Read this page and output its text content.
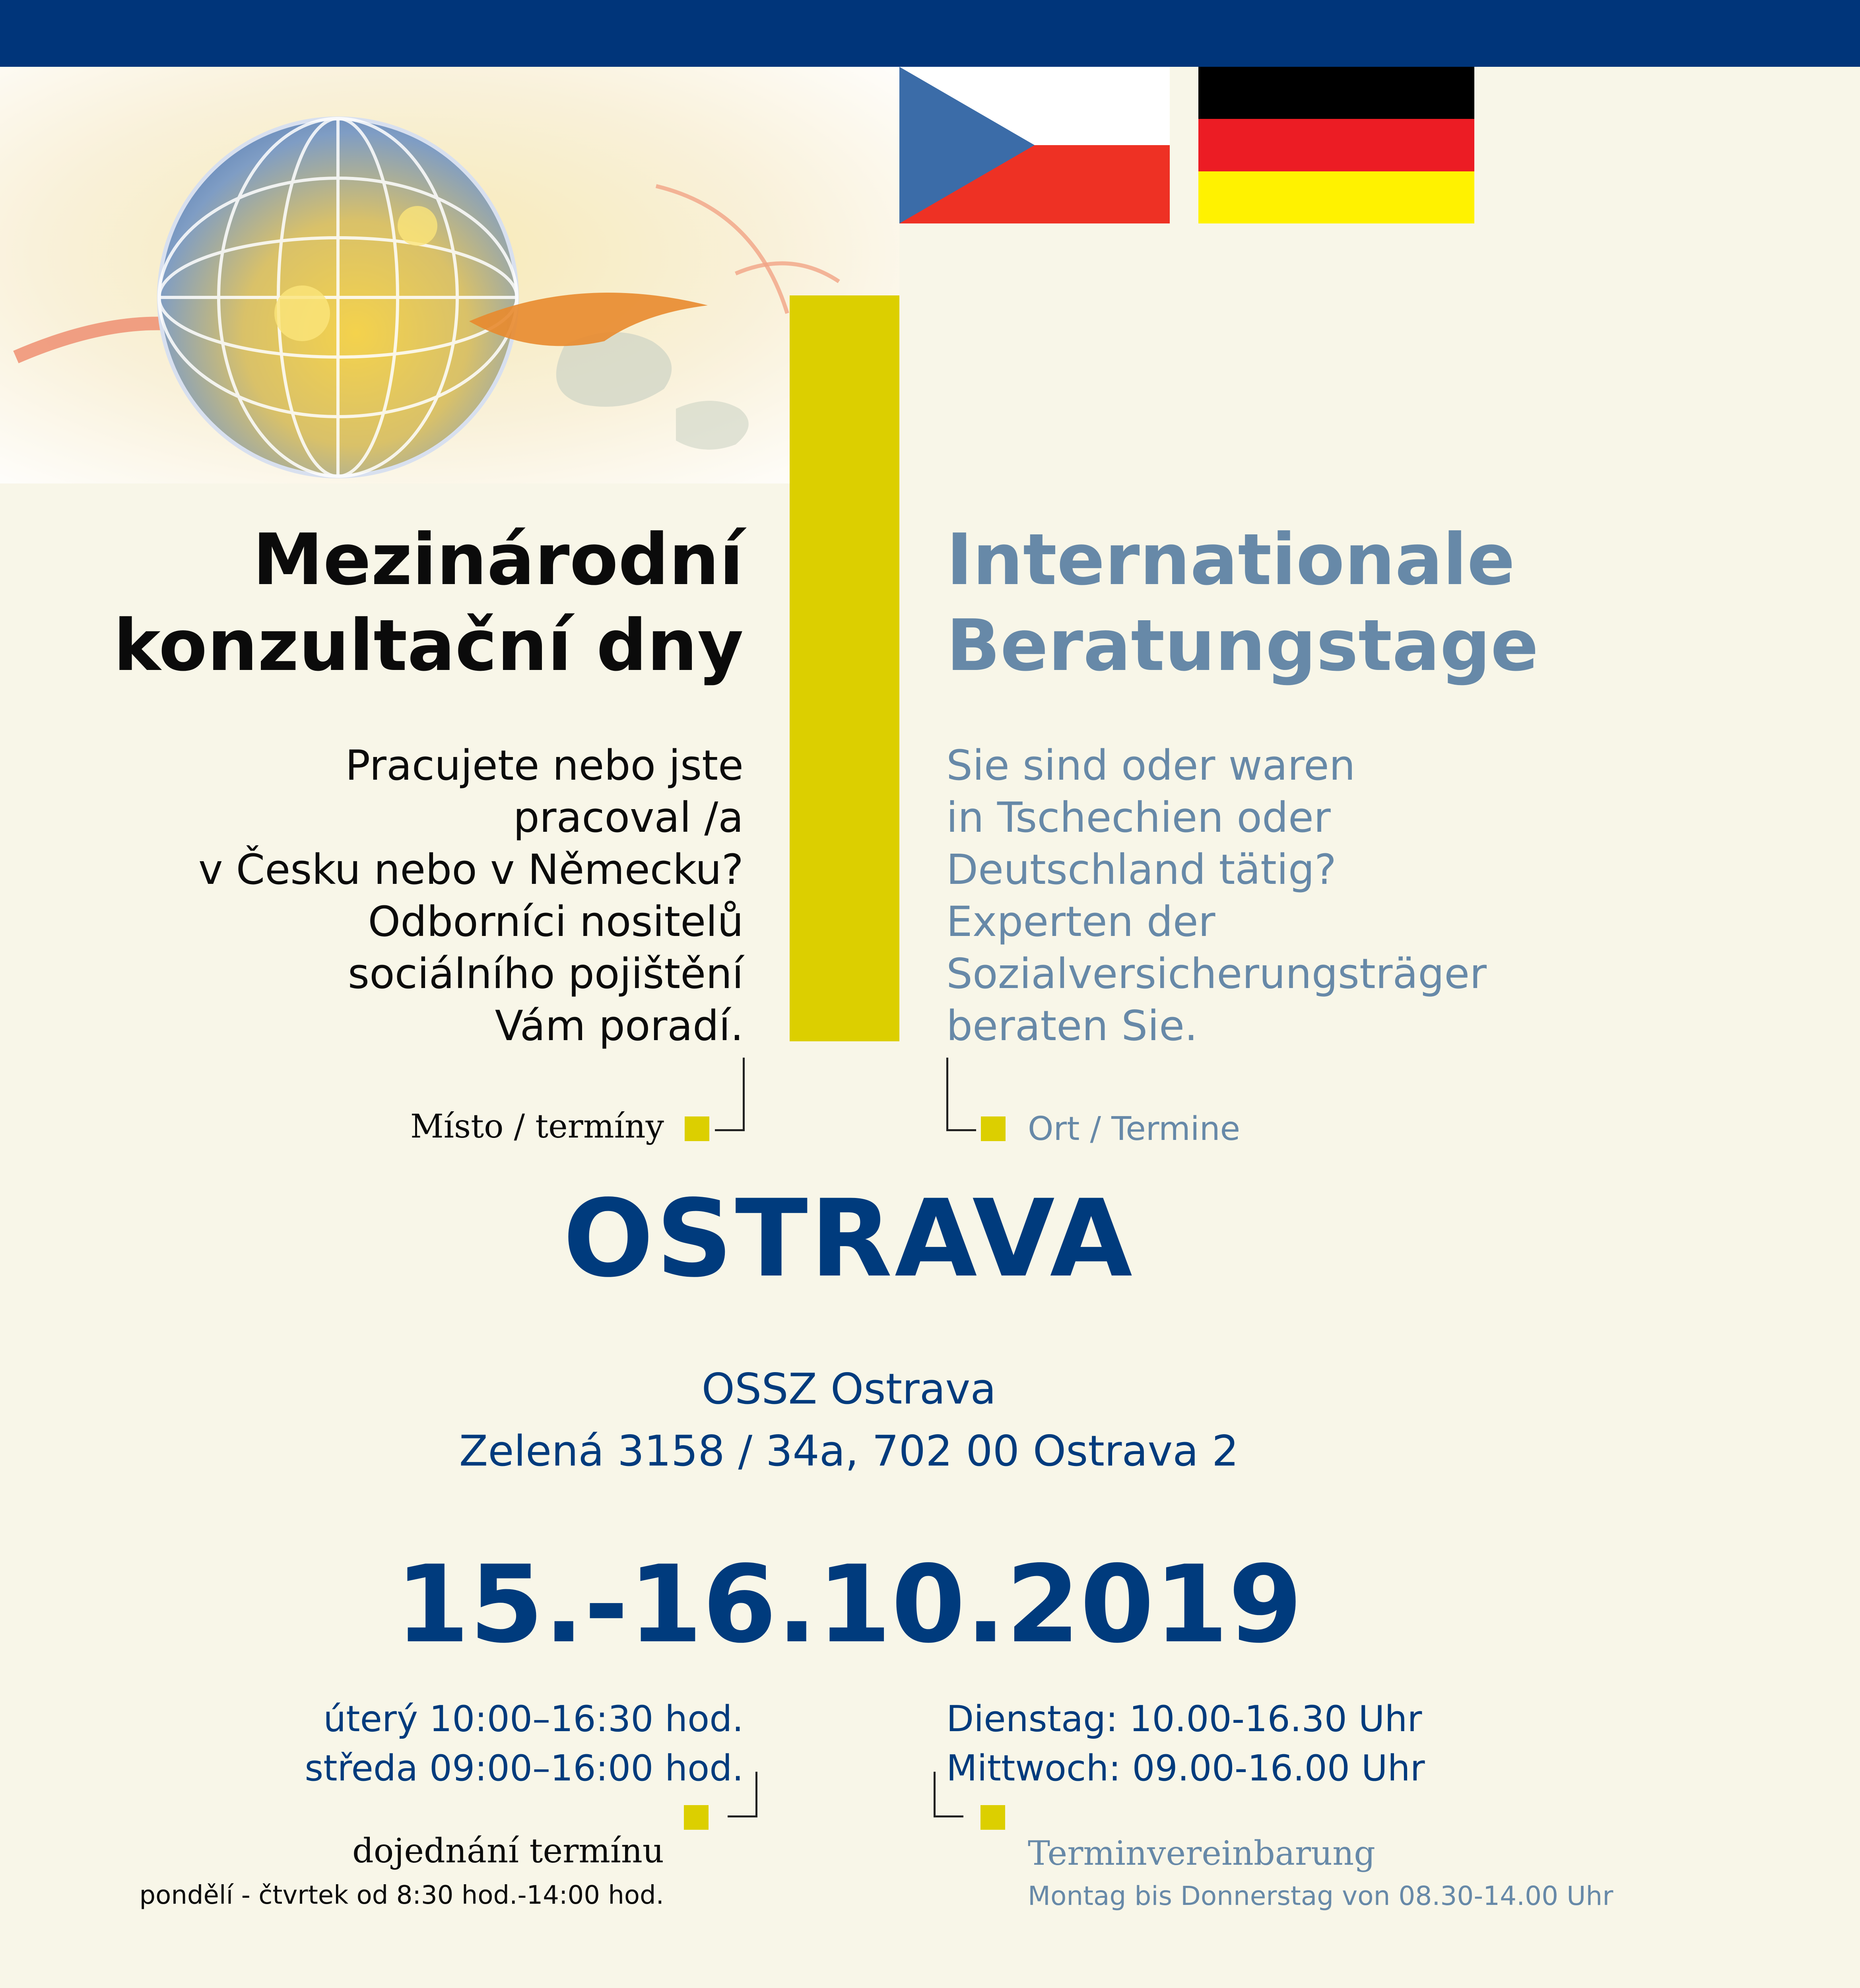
Mezinárodní
konzultační dny
Pracujete nebo jste
pracoval /a
v Česku nebo v Německu?
Odborníci nositelů
sociálního pojištění
Vám poradí.
Internationale
Beratungstage
Sie sind oder waren
in Tschechien oder
Deutschland tätig?
Experten der
Sozialversicherungsträger
beraten Sie.
Místo / termíny	Ort / Termine
OSTRAVA
OSSZ Ostrava
Zelená 3158 / 34a, 702 00 Ostrava 2
15.-16.10.2019
úterý 10:00–16:30 hod.
středa 09:00–16:00 hod.
Dienstag: 10.00-16.30 Uhr
Mittwoch: 09.00-16.00 Uhr
dojednání termínu
pondělí - čtvrtek od 8:30 hod.-14:00 hod.
Terminvereinbarung
Montag bis Donnerstag von 08.30-14.00 Uhr
